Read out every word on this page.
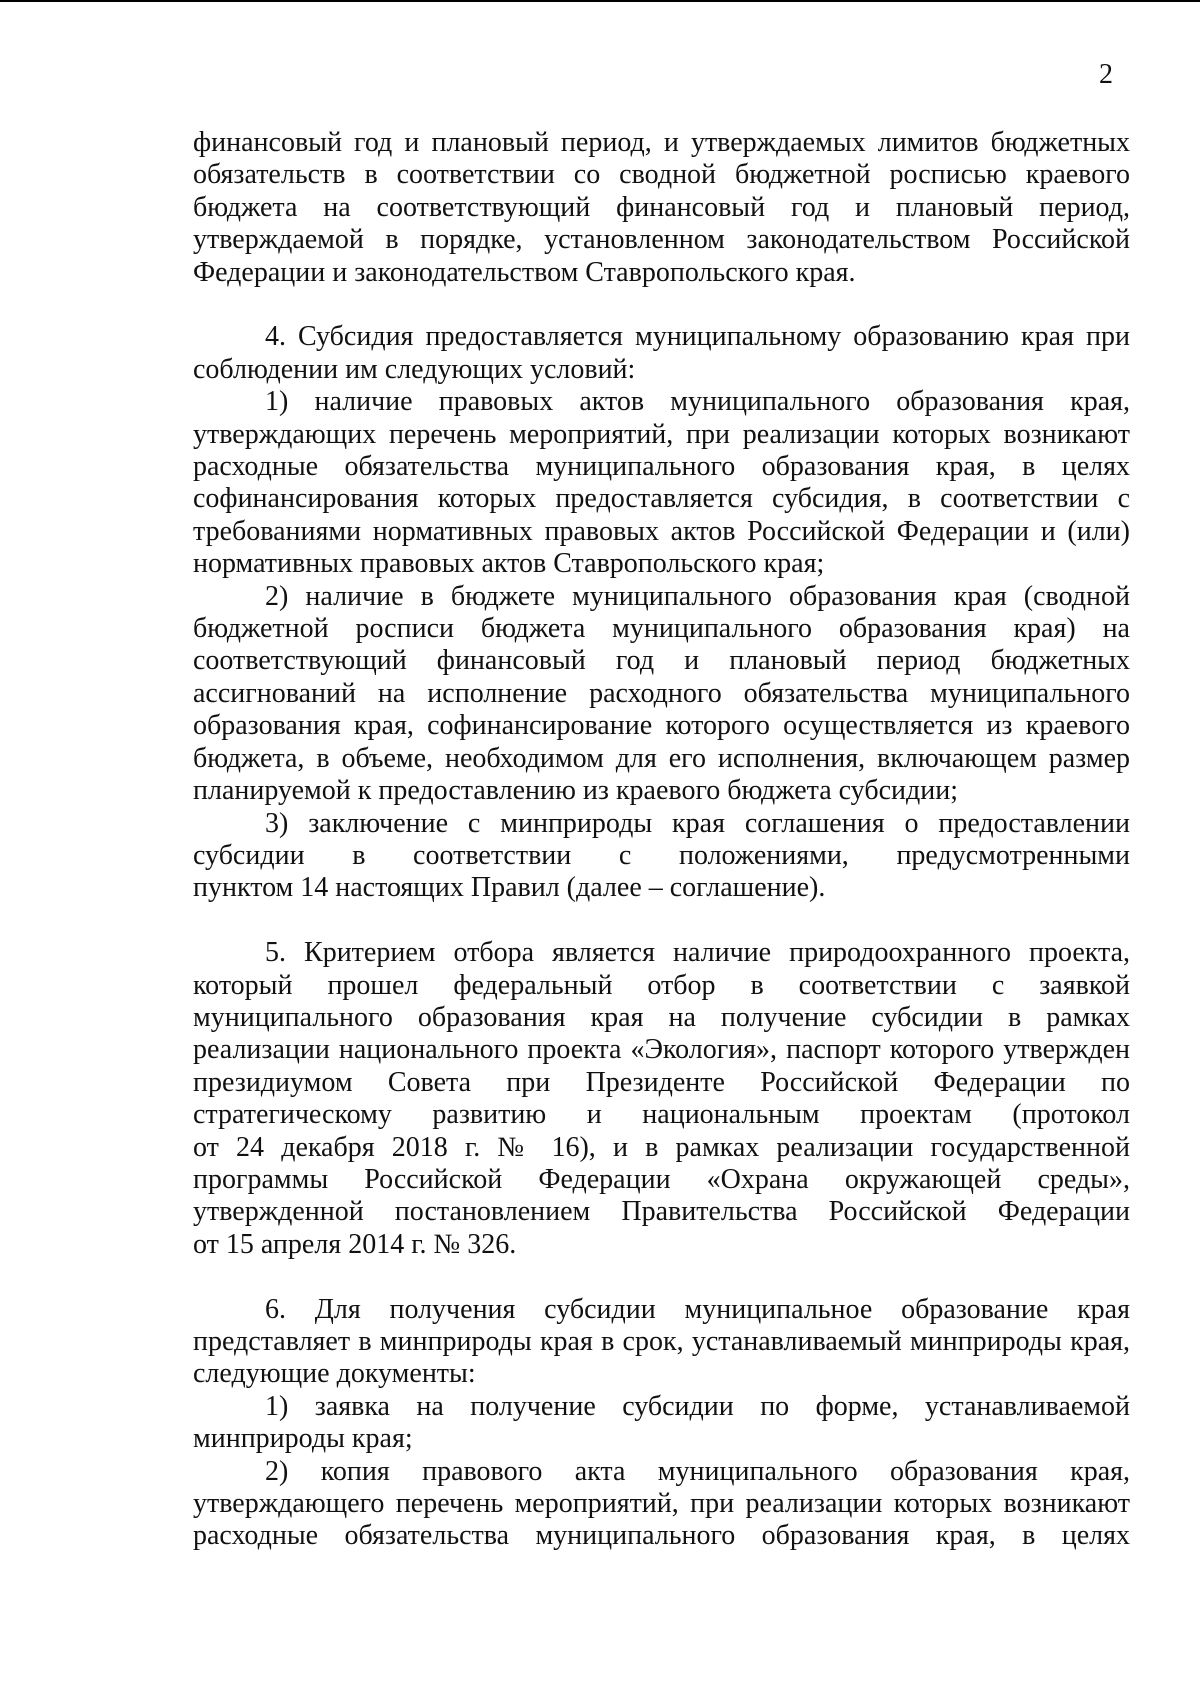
2
финансовый год и плановый период, и утверждаемых лимитов бюджетных
обязательств в соответствии со сводной бюджетной росписью краевого
бюджета на соответствующий финансовый год и плановый период,
утверждаемой в порядке, установленном законодательством Российской
Федерации и законодательством Ставропольского края.
4. Субсидия предоставляется муниципальному образованию края при
соблюдении им следующих условий:
1) наличие правовых актов муниципального образования края,
утверждающих перечень мероприятий, при реализации которых возникают
расходные обязательства муниципального образования края, в целях
софинансирования которых предоставляется субсидия, в соответствии с
требованиями нормативных правовых актов Российской Федерации и (или)
нормативных правовых актов Ставропольского края;
2) наличие в бюджете муниципального образования края (сводной
бюджетной росписи бюджета муниципального образования края) на
соответствующий финансовый год и плановый период бюджетных
ассигнований на исполнение расходного обязательства муниципального
образования края, софинансирование которого осуществляется из краевого
бюджета, в объеме, необходимом для его исполнения, включающем размер
планируемой к предоставлению из краевого бюджета субсидии;
3) заключение с минприроды края соглашения о предоставлении
субсидии в соответствии с положениями, предусмотренными
пунктом 14 настоящих Правил (далее – соглашение).
5. Критерием отбора является наличие природоохранного проекта,
который прошел федеральный отбор в соответствии с заявкой
муниципального образования края на получение субсидии в рамках
реализации национального проекта «Экология», паспорт которого утвержден
президиумом Совета при Президенте Российской Федерации по
стратегическому развитию и национальным проектам (протокол
от 24 декабря 2018 г. № 16), и в рамках реализации государственной
программы Российской Федерации «Охрана окружающей среды»,
утвержденной постановлением Правительства Российской Федерации
от 15 апреля 2014 г. № 326.
6. Для получения субсидии муниципальное образование края
представляет в минприроды края в срок, устанавливаемый минприроды края,
следующие документы:
1) заявка на получение субсидии по форме, устанавливаемой
минприроды края;
2) копия правового акта муниципального образования края,
утверждающего перечень мероприятий, при реализации которых возникают
расходные обязательства муниципального образования края, в целях
